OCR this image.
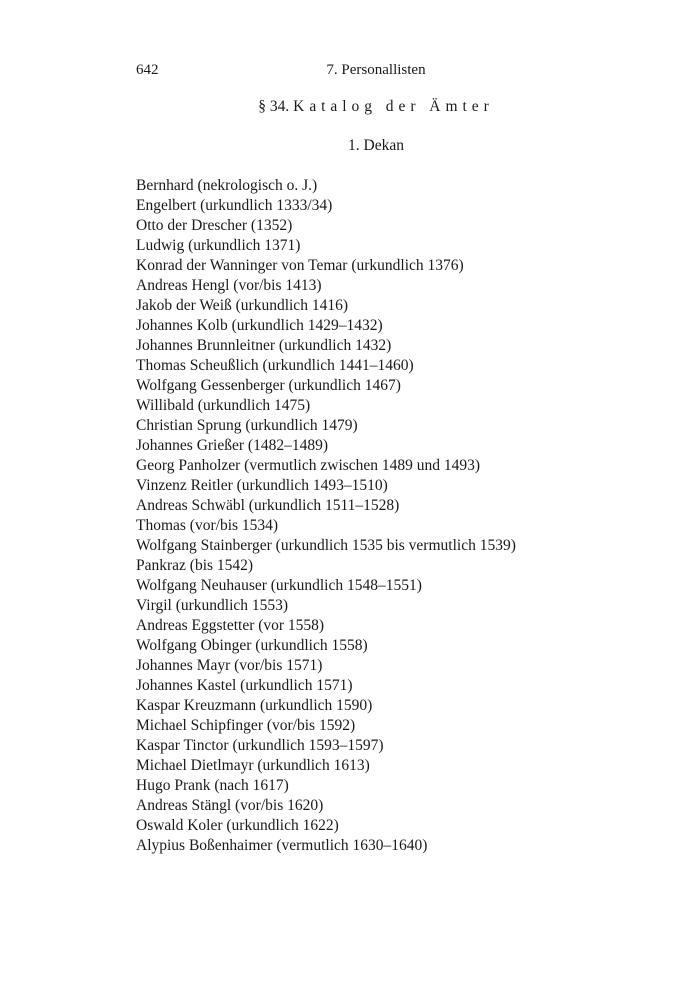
642	7. Personallisten
§ 34. Katalog der Ämter
1. Dekan
Bernhard (nekrologisch o. J.)
Engelbert (urkundlich 1333/34)
Otto der Drescher (1352)
Ludwig (urkundlich 1371)
Konrad der Wanninger von Temar (urkundlich 1376)
Andreas Hengl (vor/bis 1413)
Jakob der Weiß (urkundlich 1416)
Johannes Kolb (urkundlich 1429–1432)
Johannes Brunnleitner (urkundlich 1432)
Thomas Scheußlich (urkundlich 1441–1460)
Wolfgang Gessenberger (urkundlich 1467)
Willibald (urkundlich 1475)
Christian Sprung (urkundlich 1479)
Johannes Grießer (1482–1489)
Georg Panholzer (vermutlich zwischen 1489 und 1493)
Vinzenz Reitler (urkundlich 1493–1510)
Andreas Schwäbl (urkundlich 1511–1528)
Thomas (vor/bis 1534)
Wolfgang Stainberger (urkundlich 1535 bis vermutlich 1539)
Pankraz (bis 1542)
Wolfgang Neuhauser (urkundlich 1548–1551)
Virgil (urkundlich 1553)
Andreas Eggstetter (vor 1558)
Wolfgang Obinger (urkundlich 1558)
Johannes Mayr (vor/bis 1571)
Johannes Kastel (urkundlich 1571)
Kaspar Kreuzmann (urkundlich 1590)
Michael Schipfinger (vor/bis 1592)
Kaspar Tinctor (urkundlich 1593–1597)
Michael Dietlmayr (urkundlich 1613)
Hugo Prank (nach 1617)
Andreas Stängl (vor/bis 1620)
Oswald Koler (urkundlich 1622)
Alypius Boßenhaimer (vermutlich 1630–1640)
